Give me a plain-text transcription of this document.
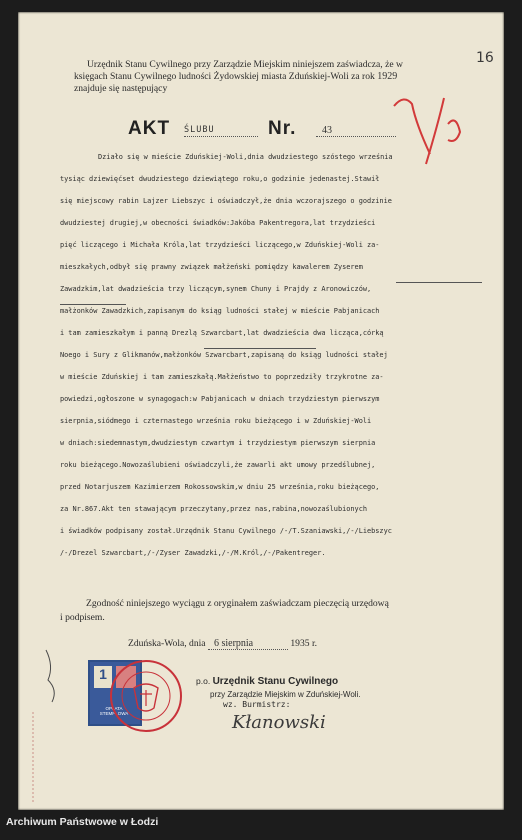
Urzędnik Stanu Cywilnego przy Zarządzie Miejskim niniejszem zaświadcza, że w
księgach Stanu Cywilnego ludności Żydowskiej miasta Zduńskiej-Woli za rok 1929
znajduje się następujący
16
AKT ŚLUBU	Nr.	43
Działo się w mieście Zduńskiej-Woli,dnia dwudziestego szóstego września
tysiąc dziewięćset dwudziestego dziewiątego roku,o godzinie jedenastej.Stawił
się miejscowy rabin Lajzer Liebszyc i oświadczył,że dnia wczorajszego o godzinie
dwudziestej drugiej,w obecności świadków:Jakóba Pakentregora,lat trzydzieści
pięć liczącego i Michała Króla,lat trzydzieści liczącego,w Zduńskiej-Woli za-
mieszkałych,odbył się prawny związek małżeński pomiędzy kawalerem Zyserem
Zawadzkim,lat dwadzieścia trzy liczącym,synem Chuny i Prajdy z Aronowiczów,
małżonków Zawadzkich,zapisanym do ksiąg ludności stałej w mieście Pabjanicach
i tam zamieszkałym i panną Drezlą Szwarcbart,lat dwadzieścia dwa licząca,córką
Noego i Sury z Glikmanów,małżonków Szwarcbart,zapisaną do ksiąg ludności stałej
w mieście Zduńskiej i tam zamieszkałą.Małżeństwo to poprzedziły trzykrotne za-
powiedzi,ogłoszone w synagogach:w Pabjanicach w dniach trzydziestym pierwszym
sierpnia,siódmego i czternastego września roku bieżącego i w Zduńskiej-Woli
w dniach:siedemnastym,dwudziestym czwartym i trzydziestym pierwszym sierpnia
roku bieżącego.Nowozaślubieni oświadczyli,że zawarli akt umowy przedślubnej,
przed Notarjuszem Kazimierzem Rokossowskim,w dniu 25 września,roku bieżącego,
za Nr.867.Akt ten stawającym przeczytany,przez nas,rabina,nowozaślubionych
i świadków podpisany został.Urzędnik Stanu Cywilnego /-/T.Szaniawski,/-/Liebszyc
/-/Drezel Szwarcbart,/-/Zyser Zawadzki,/-/M.Król,/-/Pakentreger.
Zgodność niniejszego wyciągu z oryginałem zaświadczam pieczęcią urzędową
i podpisem.
Zduńska-Wola, dnia 6 sierpnia	1935 r.
1
OPŁATA STEMPLOWA
p.o. Urzędnik Stanu Cywilnego
przy Zarządzie Miejskim w Zduńskiej-Woli.
wz. Burmistrz:
Kłanowski
Archiwum Państwowe w Łodzi
